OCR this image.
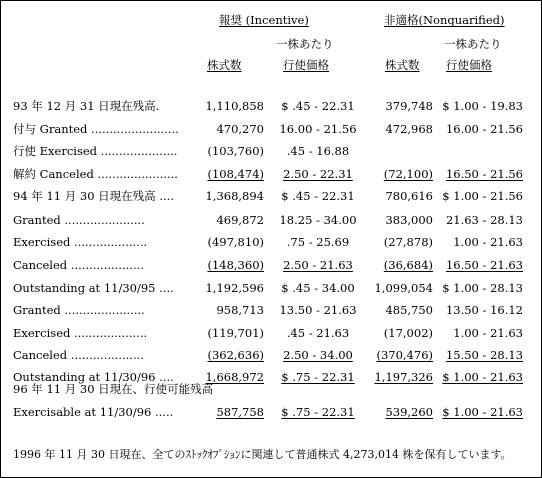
報奨 (Incentive)	非適格(Nonquarified)
一株あたり	一株あたり
株式数	行使価格	株式数 行使価格
93 年 12 月 31 日現在残高.	1,110,858	$ .45 - 22.31	379,748 $ 1.00 - 19.83
付与 Granted ........................	470,270	16.00 - 21.56	472,968	16.00 - 21.56
行使 Exercised .....................	(103,760)	.45 - 16.88
解約 Canceled ......................	(108,474)	2.50 - 22.31	(72,100)	16.50 - 21.56
94 年 11 月 30 日現在残高 ....	1,368,894	$ .45 - 22.31	780,616 $ 1.00 - 21.56
Granted ......................	469,872	18.25 - 34.00	383,000	21.63 - 28.13
Exercised ....................	(497,810)	.75 - 25.69	(27,878)	1.00 - 21.63
Canceled ....................	(148,360)	2.50 - 21.63	(36,684)	16.50 - 21.63
Outstanding at 11/30/95 ....	1,192,596	$ .45 - 34.00	1,099,054 $ 1.00 - 28.13
Granted ......................	958,713	13.50 - 21.63	485,750	13.50 - 16.12
Exercised ....................	(119,701)	.45 - 21.63	(17,002)	1.00 - 21.63
Canceled ....................	(362,636)	2.50 - 34.00	(370,476)	15.50 - 28.13
Outstanding at 11/30/96 ....	1,668,972	$ .75 - 22.31	1,197,326 $ 1.00 - 21.63
96 年 11 月 30 日現在、行使可能残高
Exercisable at 11/30/96 .....	587,758	$ .75 - 22.31	539,260 $ 1.00 - 21.63
1996 年 11 月 30 日現在、全てのｽﾄｯｸｵﾌﾟｼｮﾝに関連して普通株式 4,273,014 株を保有しています。
